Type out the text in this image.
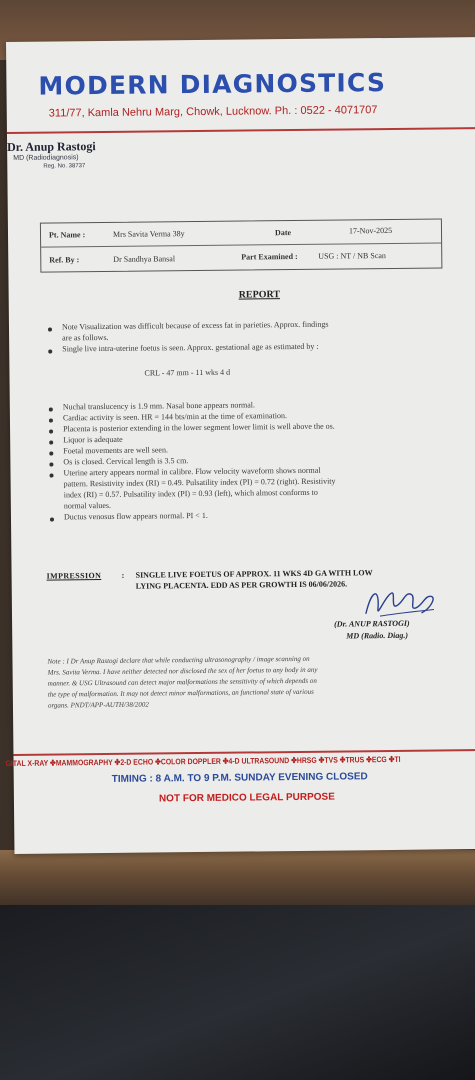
MODERN DIAGNOSTICS
311/77, Kamla Nehru Marg, Chowk, Lucknow. Ph. : 0522 - 4071707
Dr. Anup Rastogi
MD (Radiodiagnosis)
Reg. No. 38737
Pt. Name :	Mrs Savita Verma 38y	Date	17-Nov-2025
Ref. By :	Dr Sandhya Bansal	Part Examined :	USG : NT / NB Scan
REPORT
Note Visualization was difficult because of excess fat in parieties. Approx. findings
are as follows.
Single live intra-uterine foetus is seen. Approx. gestational age as estimated by :
CRL - 47 mm - 11 wks 4 d
Nuchal translucency is 1.9 mm. Nasal bone appears normal.
Cardiac activity is seen. HR = 144 bts/min at the time of examination.
Placenta is posterior extending in the lower segment lower limit is well above the os.
Liquor is adequate
Foetal movements are well seen.
Os is closed. Cervical length is 3.5 cm.
Uterine artery appears normal in calibre. Flow velocity waveform shows normal
pattern. Resistivity index (RI) = 0.49. Pulsatility index (PI) = 0.72 (right). Resistivity
index (RI) = 0.57. Pulsatility index (PI) = 0.93 (left), which almost conforms to
normal values.
Ductus venosus flow appears normal. PI < 1.
IMPRESSION	: SINGLE LIVE FOETUS OF APPROX. 11 WKS 4D GA WITH LOW
LYING PLACENTA. EDD AS PER GROWTH IS 06/06/2026.
(Dr. ANUP RASTOGI)
MD (Radio. Diag.)
Note : I Dr Anup Rastogi declare that while conducting ultrasonography / image scanning on
Mrs. Savita Verma. I have neither detected nor disclosed the sex of her foetus to any body in any
manner. & USG Ultrasound can detect major malformations the sensitivity of which depends on
the type of malformation. It may not detect minor malformations, an functional state of various
organs. PNDT/APP-AUTH/38/2002
GITAL X-RAY ✤MAMMOGRAPHY ✤2-D ECHO ✤COLOR DOPPLER ✤4-D ULTRASOUND ✤HRSG ✤TVS ✤TRUS ✤ECG ✤TI
TIMING : 8 A.M. TO 9 P.M. SUNDAY EVENING CLOSED
NOT FOR MEDICO LEGAL PURPOSE
